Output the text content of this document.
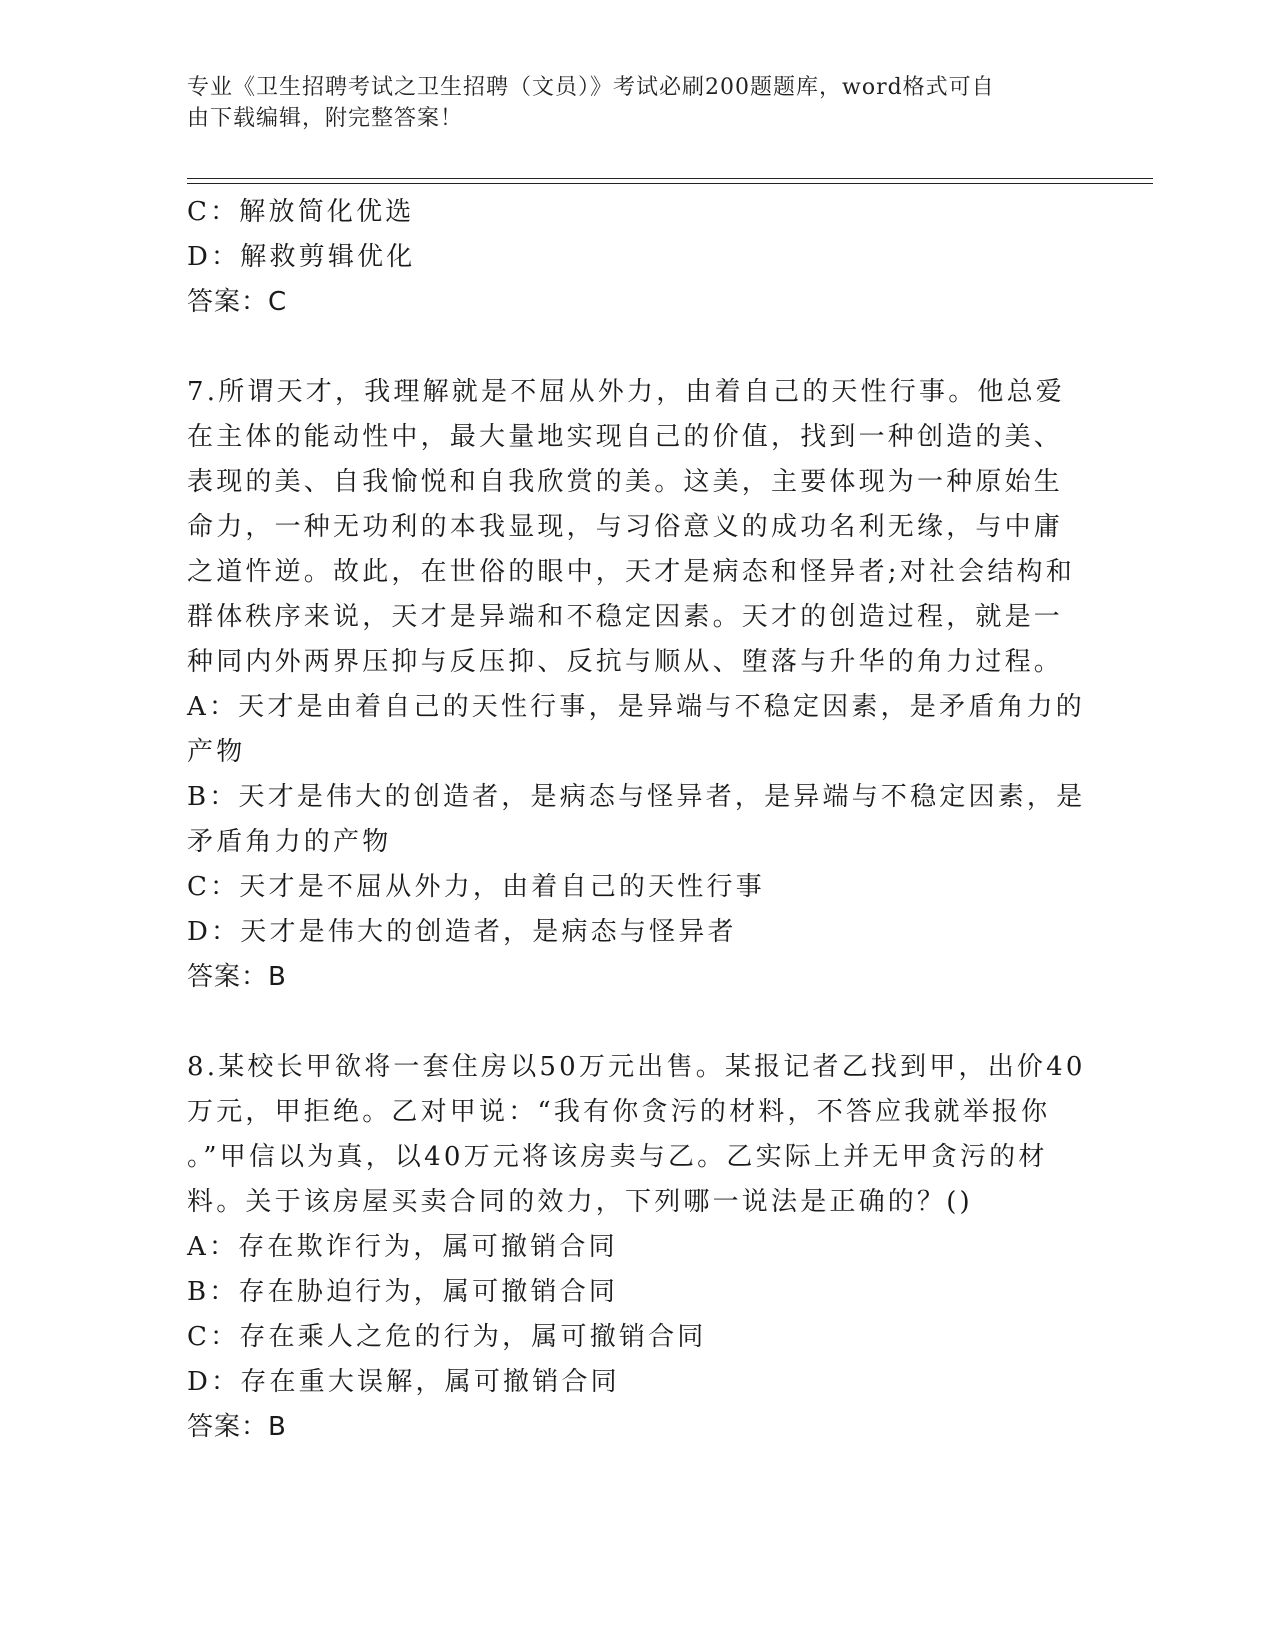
专业《卫生招聘考试之卫生招聘（文员）》考试必刷200题题库，word格式可自
由下载编辑，附完整答案！
C：解放简化优选
D：解救剪辑优化
答案：C
7.所谓天才，我理解就是不屈从外力，由着自己的天性行事。他总爱
在主体的能动性中，最大量地实现自己的价值，找到一种创造的美、
表现的美、自我愉悦和自我欣赏的美。这美，主要体现为一种原始生
命力，一种无功利的本我显现，与习俗意义的成功名利无缘，与中庸
之道忤逆。故此，在世俗的眼中，天才是病态和怪异者;对社会结构和
群体秩序来说，天才是异端和不稳定因素。天才的创造过程，就是一
种同内外两界压抑与反压抑、反抗与顺从、堕落与升华的角力过程。
A：天才是由着自己的天性行事，是异端与不稳定因素，是矛盾角力的
产物
B：天才是伟大的创造者，是病态与怪异者，是异端与不稳定因素，是
矛盾角力的产物
C：天才是不屈从外力，由着自己的天性行事
D：天才是伟大的创造者，是病态与怪异者
答案：B
8.某校长甲欲将一套住房以50万元出售。某报记者乙找到甲，出价40
万元，甲拒绝。乙对甲说：“我有你贪污的材料，不答应我就举报你
。”甲信以为真，以40万元将该房卖与乙。乙实际上并无甲贪污的材
料。关于该房屋买卖合同的效力，下列哪一说法是正确的？()
A：存在欺诈行为，属可撤销合同
B：存在胁迫行为，属可撤销合同
C：存在乘人之危的行为，属可撤销合同
D：存在重大误解，属可撤销合同
答案：B
